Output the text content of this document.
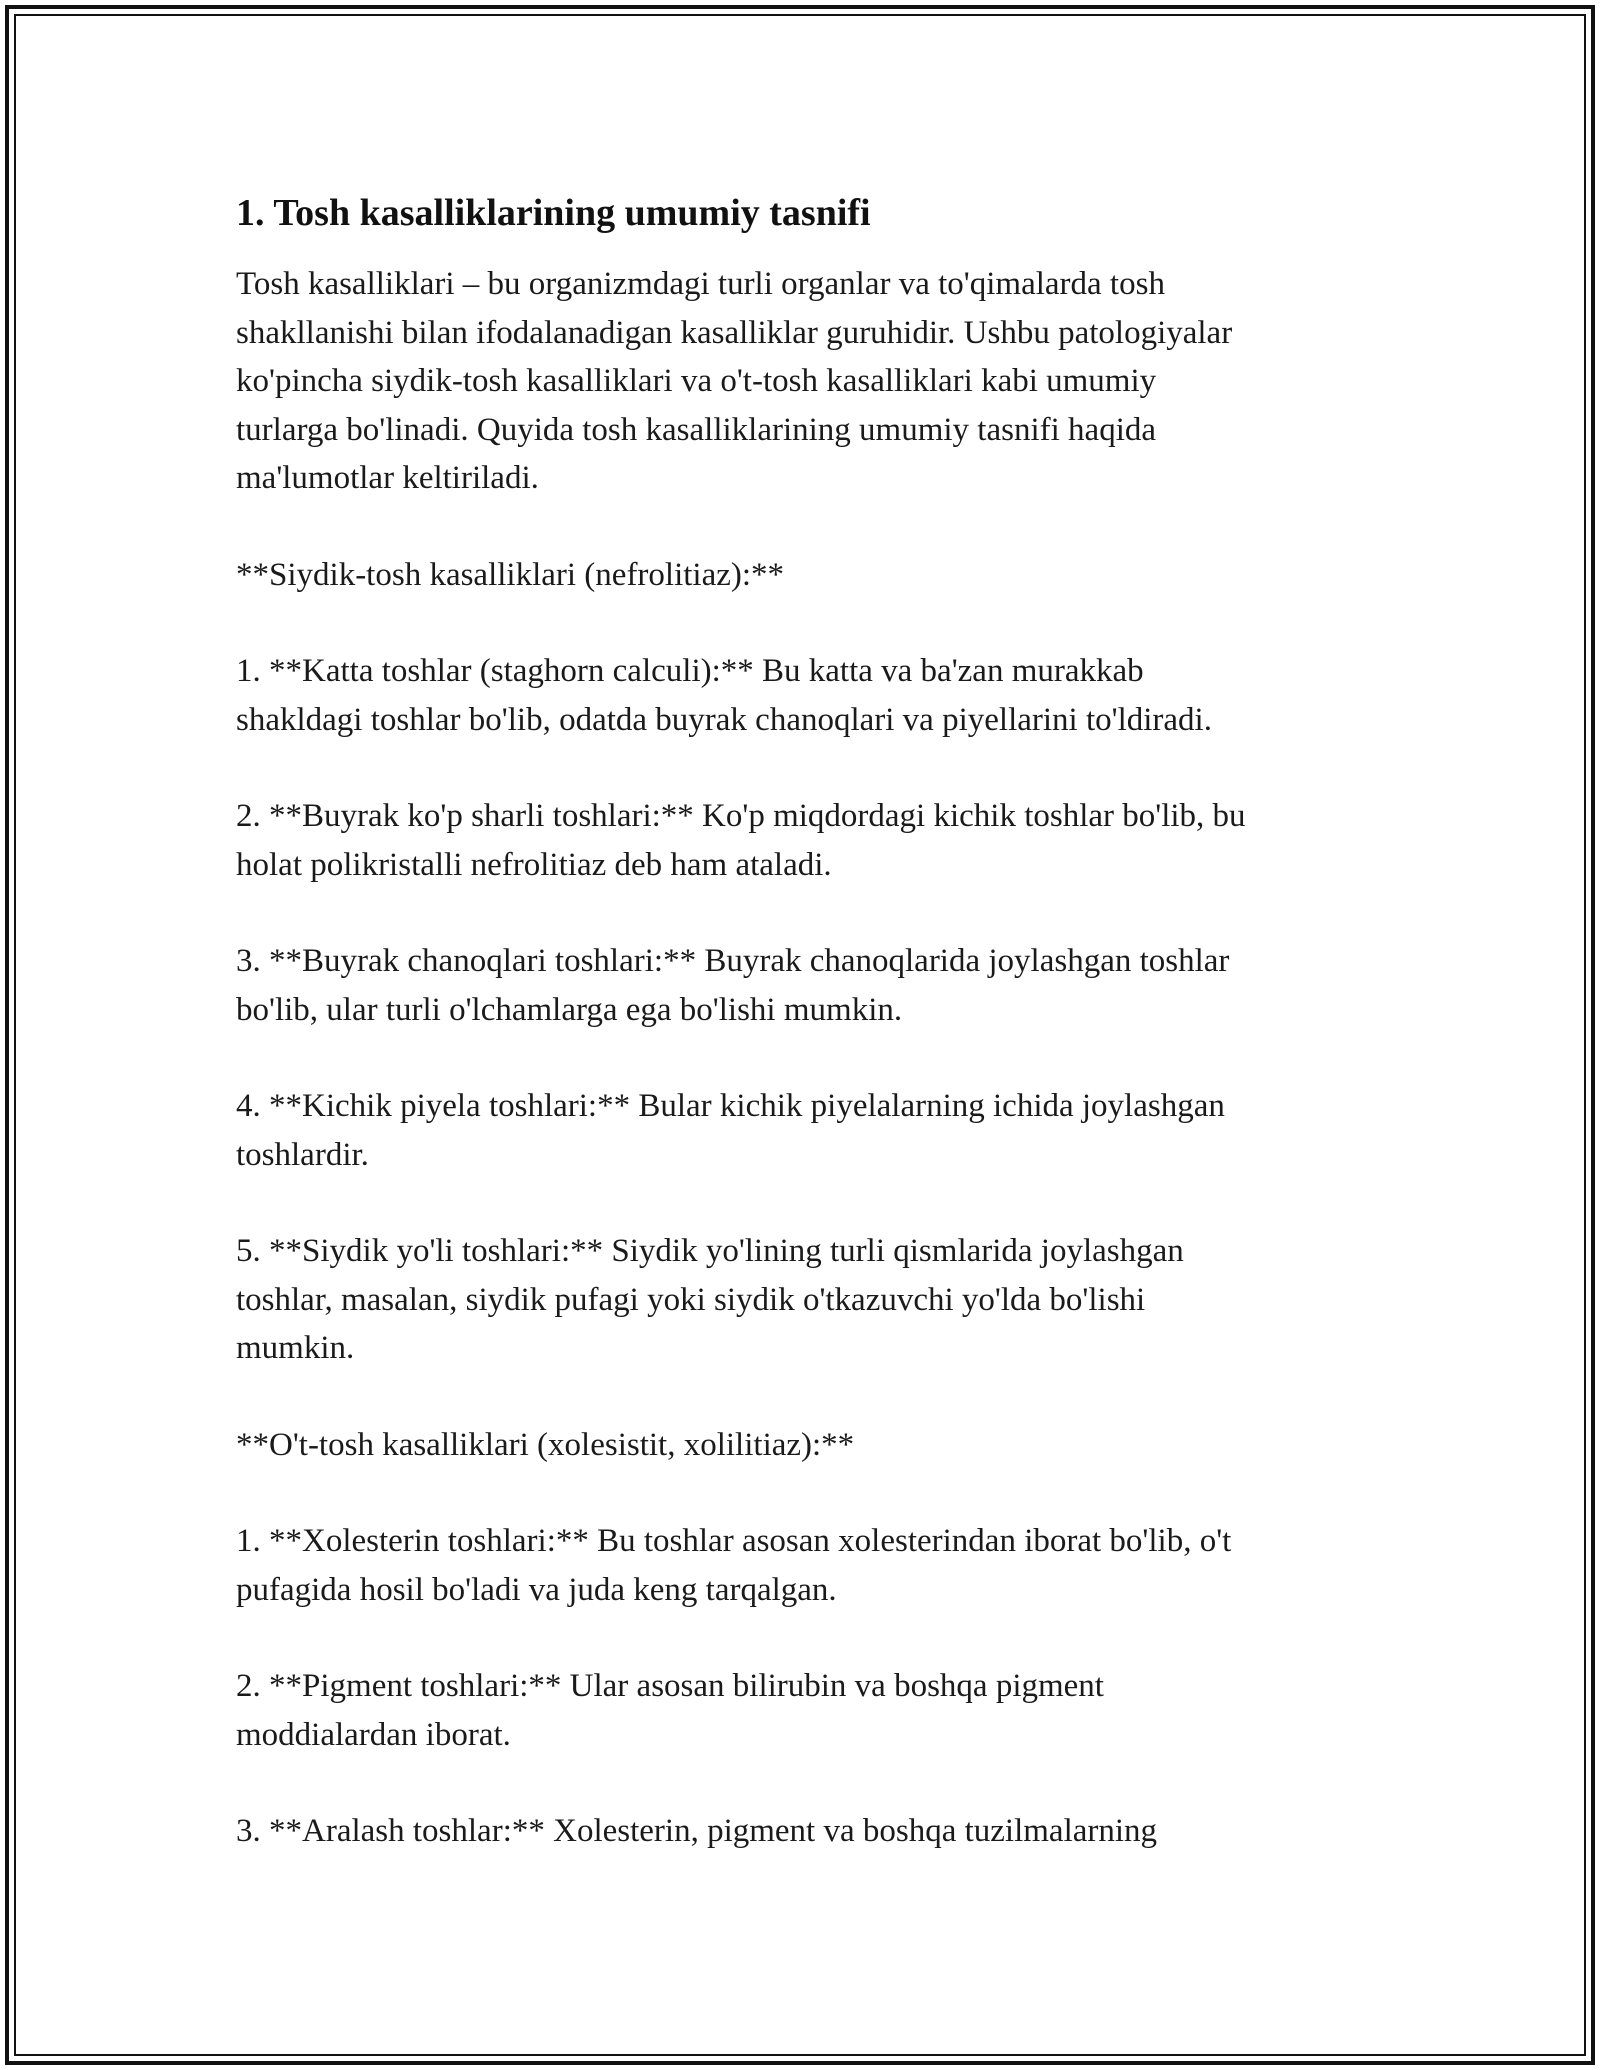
1. Tosh kasalliklarining umumiy tasnifi

Tosh kasalliklari – bu organizmdagi turli organlar va to'qimalarda tosh
shakllanishi bilan ifodalanadigan kasalliklar guruhidir. Ushbu patologiyalar
ko'pincha siydik-tosh kasalliklari va o't-tosh kasalliklari kabi umumiy
turlarga bo'linadi. Quyida tosh kasalliklarining umumiy tasnifi haqida
ma'lumotlar keltiriladi.

**Siydik-tosh kasalliklari (nefrolitiaz):**

1. **Katta toshlar (staghorn calculi):** Bu katta va ba'zan murakkab
shakldagi toshlar bo'lib, odatda buyrak chanoqlari va piyellarini to'ldiradi.

2. **Buyrak ko'p sharli toshlari:** Ko'p miqdordagi kichik toshlar bo'lib, bu
holat polikristalli nefrolitiaz deb ham ataladi.

3. **Buyrak chanoqlari toshlari:** Buyrak chanoqlarida joylashgan toshlar
bo'lib, ular turli o'lchamlarga ega bo'lishi mumkin.

4. **Kichik piyela toshlari:** Bular kichik piyelalarning ichida joylashgan
toshlardir.

5. **Siydik yo'li toshlari:** Siydik yo'lining turli qismlarida joylashgan
toshlar, masalan, siydik pufagi yoki siydik o'tkazuvchi yo'lda bo'lishi
mumkin.

**O't-tosh kasalliklari (xolesistit, xolilitiaz):**

1. **Xolesterin toshlari:** Bu toshlar asosan xolesterindan iborat bo'lib, o't
pufagida hosil bo'ladi va juda keng tarqalgan.

2. **Pigment toshlari:** Ular asosan bilirubin va boshqa pigment
moddialardan iborat.

3. **Aralash toshlar:** Xolesterin, pigment va boshqa tuzilmalarning
